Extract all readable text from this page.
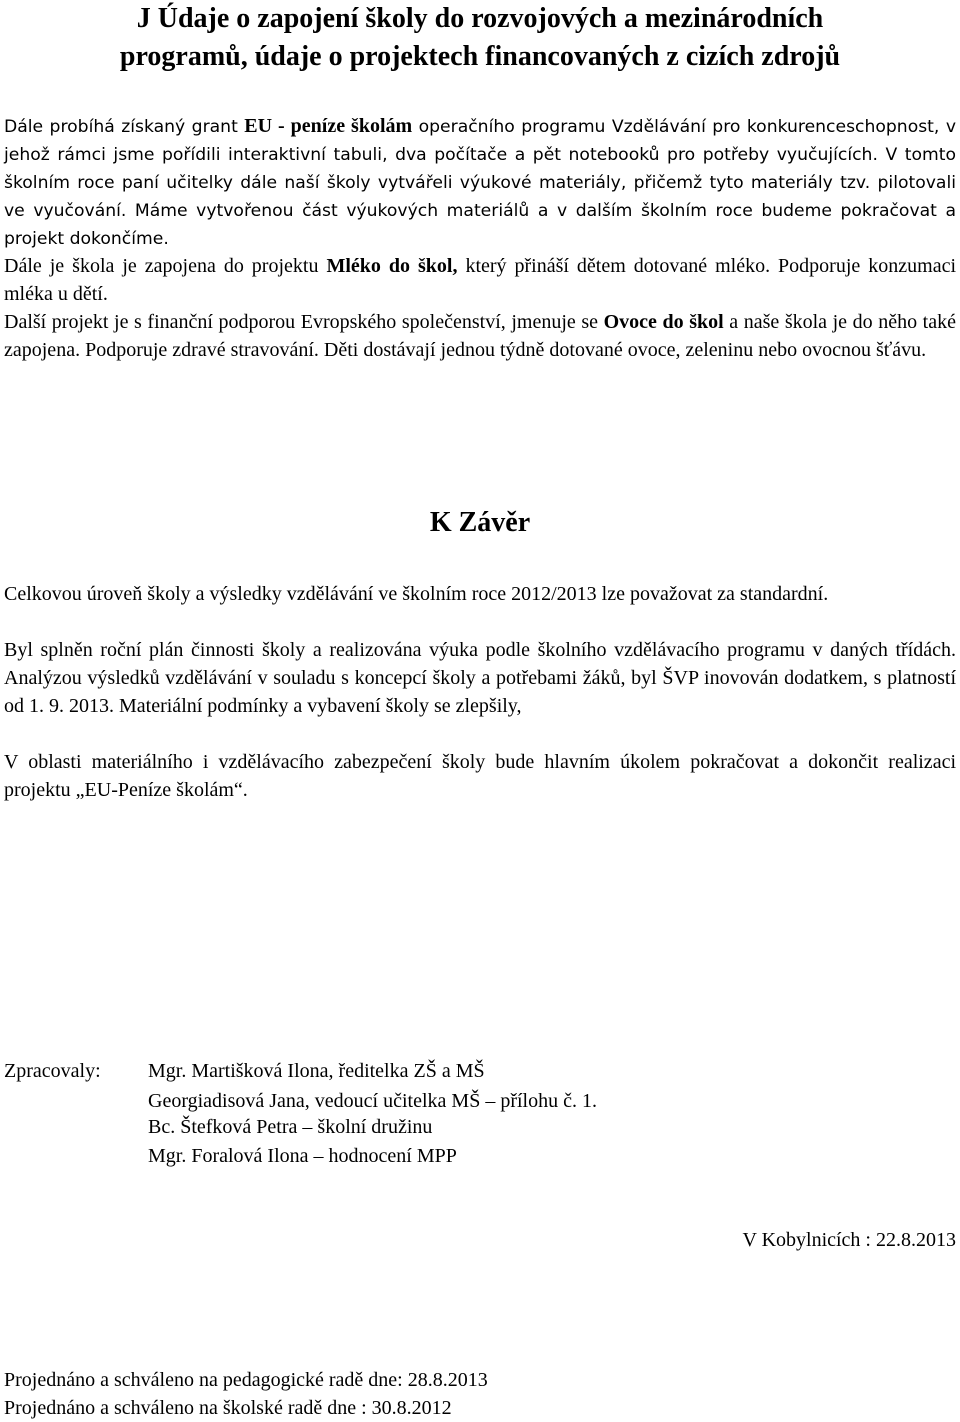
J Údaje o zapojení školy do rozvojových a mezinárodních
programů, údaje o projektech financovaných z cizích zdrojů

Dále probíhá získaný grant EU - peníze školám operačního programu Vzdělávání pro konkurenceschopnost, v jehož rámci jsme pořídili interaktivní tabuli, dva počítače a pět notebooků pro potřeby vyučujících. V tomto školním roce paní učitelky dále naší školy vytvářeli výukové materiály, přičemž tyto materiály tzv. pilotovali ve vyučování. Máme vytvořenou část výukových materiálů a v dalším školním roce budeme pokračovat a projekt dokončíme.

Dále je škola je zapojena do projektu Mléko do škol, který přináší dětem dotované mléko. Podporuje konzumaci mléka u dětí.

Další projekt je s finanční podporou Evropského společenství, jmenuje se Ovoce do škol a naše škola je do něho také zapojena. Podporuje zdravé stravování. Děti dostávají jednou týdně dotované ovoce, zeleninu nebo ovocnou šťávu.

K Závěr

Celkovou úroveň školy a výsledky vzdělávání ve školním roce 2012/2013 lze považovat za standardní.

Byl splněn roční plán činnosti školy a realizována výuka podle školního vzdělávacího programu v daných třídách. Analýzou výsledků vzdělávání v souladu s koncepcí školy a potřebami žáků, byl ŠVP inovován dodatkem, s platností od 1. 9. 2013. Materiální podmínky a vybavení školy se zlepšily,

V oblasti materiálního i vzdělávacího zabezpečení školy bude hlavním úkolem pokračovat a dokončit realizaci projektu „EU-Peníze školám“.

Zpracovaly: Mgr. Martišková Ilona, ředitelka ZŠ a MŠ
Georgiadisová Jana, vedoucí učitelka MŠ – přílohu č. 1.
Bc. Štefková Petra – školní družinu
Mgr. Foralová Ilona – hodnocení MPP
V Kobylnicích : 22.8.2013
Projednáno a schváleno na pedagogické radě dne: 28.8.2013
Projednáno a schváleno na školské radě dne : 30.8.2012
